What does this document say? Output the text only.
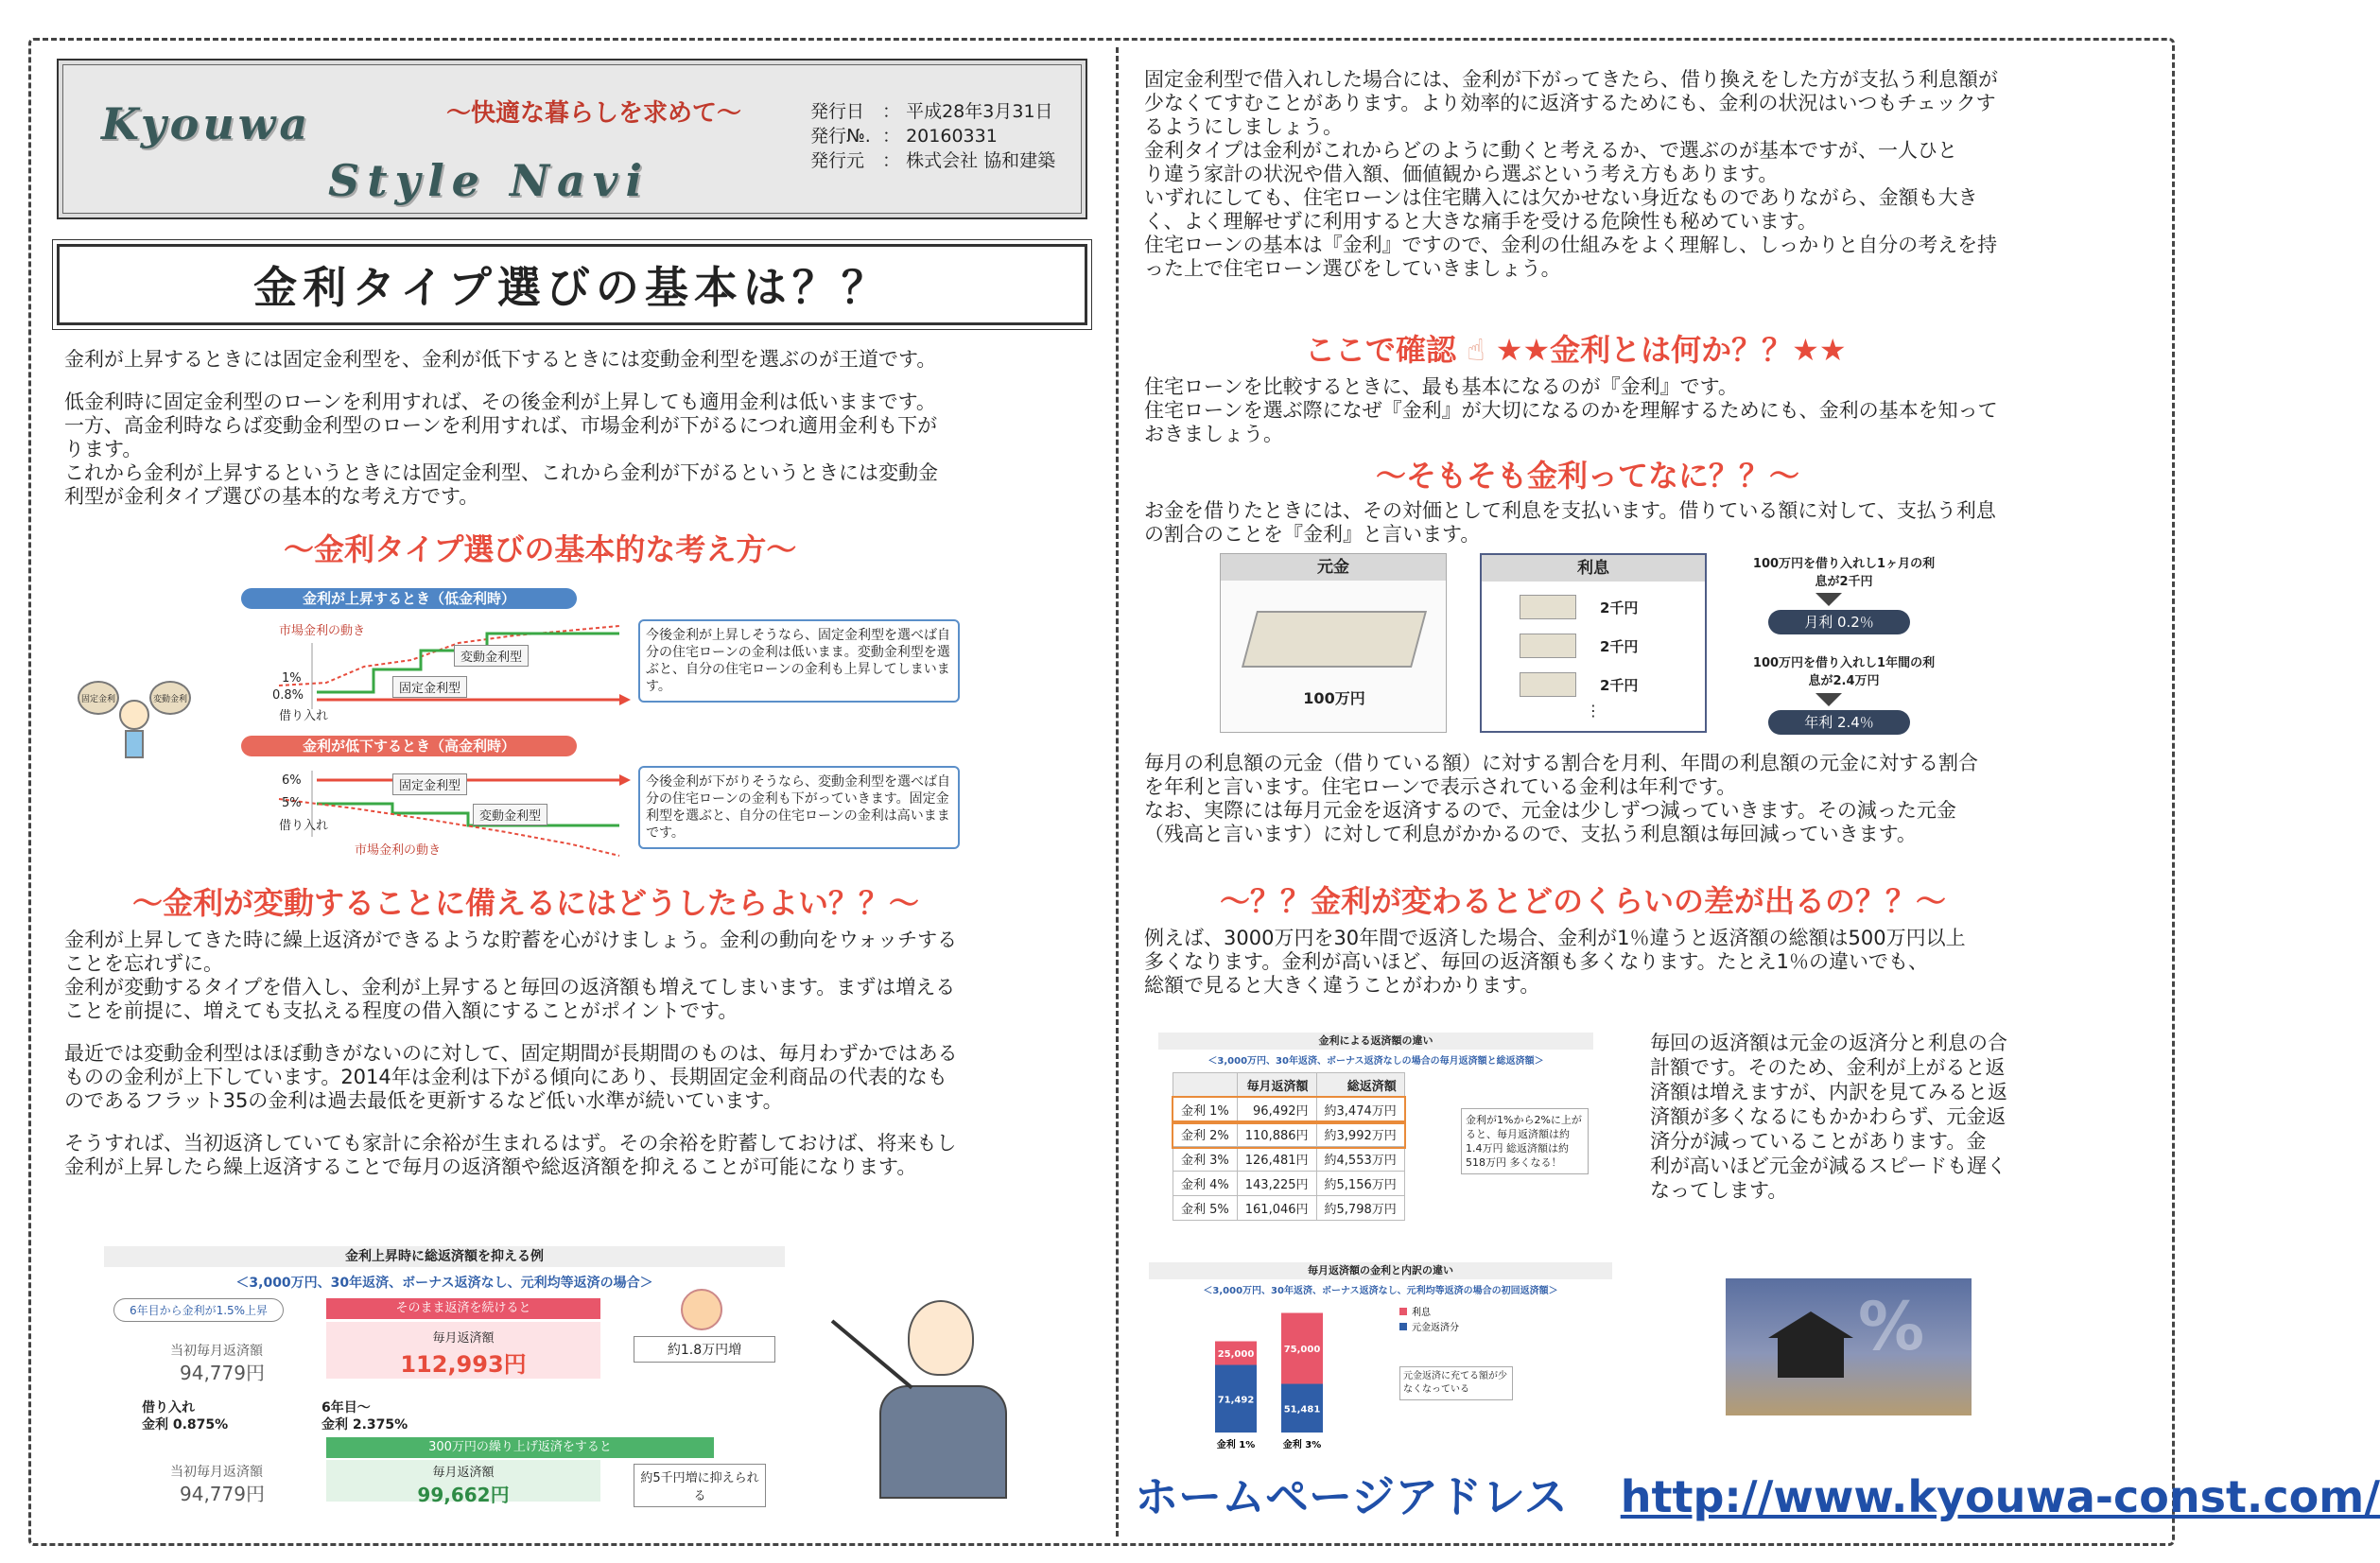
Kyouwa
Style Navi
～快適な暮らしを求めて～	発行日 ： 平成28年3月31日
発行№. ： 20160331
発行元 ： 株式会社 協和建築
金利タイプ選びの基本は？？

金利が上昇するときには固定金利型を、金利が低下するときには変動金利型を選ぶのが王道です。

低金利時に固定金利型のローンを利用すれば、その後金利が上昇しても適用金利は低いままです。

一方、高金利時ならば変動金利型のローンを利用すれば、市場金利が下がるにつれ適用金利も下が

ります。

これから金利が上昇するというときには固定金利型、これから金利が下がるというときには変動金

利型が金利タイプ選びの基本的な考え方です。

～金利タイプ選びの基本的な考え方～
固定金利	変動金利
金利が上昇するとき（低金利時）
市場金利の動き
変動金利型
固定金利型
1%
0.8%
借り入れ
今後金利が上昇しそうなら、固定金利型を選べば自分の住宅ローンの金利は低いまま。変動金利型を選ぶと、自分の住宅ローンの金利も上昇してしまいます。
金利が低下するとき（高金利時）
6%
5%
借り入れ
固定金利型
変動金利型
市場金利の動き
今後金利が下がりそうなら、変動金利型を選べば自分の住宅ローンの金利も下がっていきます。固定金利型を選ぶと、自分の住宅ローンの金利は高いままです。
～金利が変動することに備えるにはどうしたらよい？？～

金利が上昇してきた時に繰上返済ができるような貯蓄を心がけましょう。金利の動向をウォッチする

ことを忘れずに。

金利が変動するタイプを借入し、金利が上昇すると毎回の返済額も増えてしまいます。まずは増える

ことを前提に、増えても支払える程度の借入額にすることがポイントです。

最近では変動金利型はほぼ動きがないのに対して、固定期間が長期間のものは、毎月わずかではある

ものの金利が上下しています。2014年は金利は下がる傾向にあり、長期固定金利商品の代表的なも

のであるフラット35の金利は過去最低を更新するなど低い水準が続いています。

そうすれば、当初返済していても家計に余裕が生まれるはず。その余裕を貯蓄しておけば、将来もし

金利が上昇したら繰上返済することで毎月の返済額や総返済額を抑えることが可能になります。

金利上昇時に総返済額を抑える例
＜3,000万円、30年返済、ボーナス返済なし、元利均等返済の場合＞
6年目から金利が1.5%上昇
当初毎月返済額
94,779円
そのまま返済を続けると
毎月返済額
112,993円
約1.8万円増
借り入れ
金利 0.875%
6年目～
金利 2.375%
300万円の繰り上げ返済をすると
当初毎月返済額
94,779円
毎月返済額
99,662円
約5千円増に抑えられる

固定金利型で借入れした場合には、金利が下がってきたら、借り換えをした方が支払う利息額が

少なくてすむことがあります。より効率的に返済するためにも、金利の状況はいつもチェックす

るようにしましょう。

金利タイプは金利がこれからどのように動くと考えるか、で選ぶのが基本ですが、一人ひと

り違う家計の状況や借入額、価値観から選ぶという考え方もあります。

いずれにしても、住宅ローンは住宅購入には欠かせない身近なものでありながら、金額も大き

く、よく理解せずに利用すると大きな痛手を受ける危険性も秘めています。

住宅ローンの基本は『金利』ですので、金利の仕組みをよく理解し、しっかりと自分の考えを持

った上で住宅ローン選びをしていきましょう。

ここで確認 ☝ ★★金利とは何か？？★★

住宅ローンを比較するときに、最も基本になるのが『金利』です。

住宅ローンを選ぶ際になぜ『金利』が大切になるのかを理解するためにも、金利の基本を知って

おきましょう。

～そもそも金利ってなに？？～

お金を借りたときには、その対価として利息を支払います。借りている額に対して、支払う利息

の割合のことを『金利』と言います。

元金
100万円
利息
2千円
2千円
2千円
⋮
100万円を借り入れし1ヶ月の利息が2千円
月利 0.2％
100万円を借り入れし1年間の利息が2.4万円
年利 2.4％

毎月の利息額の元金（借りている額）に対する割合を月利、年間の利息額の元金に対する割合

を年利と言います。住宅ローンで表示されている金利は年利です。

なお、実際には毎月元金を返済するので、元金は少しずつ減っていきます。その減った元金

（残高と言います）に対して利息がかかるので、支払う利息額は毎回減っていきます。

～？？金利が変わるとどのくらいの差が出るの？？～

例えば、3000万円を30年間で返済した場合、金利が1％違うと返済額の総額は500万円以上

多くなります。金利が高いほど、毎回の返済額も多くなります。たとえ1％の違いでも、

総額で見ると大きく違うことがわかります。

金利による返済額の違い
＜3,000万円、30年返済、ボーナス返済なしの場合の毎月返済額と総返済額＞
	毎月返済額	総返済額
金利 1%	96,492円	約3,474万円
金利 2%	110,886円	約3,992万円
金利 3%	126,481円	約4,553万円
金利 4%	143,225円	約5,156万円
金利 5%	161,046円	約5,798万円
金利が1%から2%に上がると、毎月返済額は約1.4万円 総返済額は約518万円 多くなる！

毎回の返済額は元金の返済分と利息の合

計額です。そのため、金利が上がると返

済額は増えますが、内訳を見てみると返

済額が多くなるにもかかわらず、元金返

済分が減っていることがあります。金

利が高いほど元金が減るスピードも遅く

なってします。

毎月返済額の金利と内訳の違い
＜3,000万円、30年返済、ボーナス返済なし、元利均等返済の場合の初回返済額＞
71,492
25,000
金利 1%
51,481
75,000
金利 3%
利息
元金返済分
元金返済に充てる額が少なくなっている
%
ホームページアドレス http://www.kyouwa-const.com/
